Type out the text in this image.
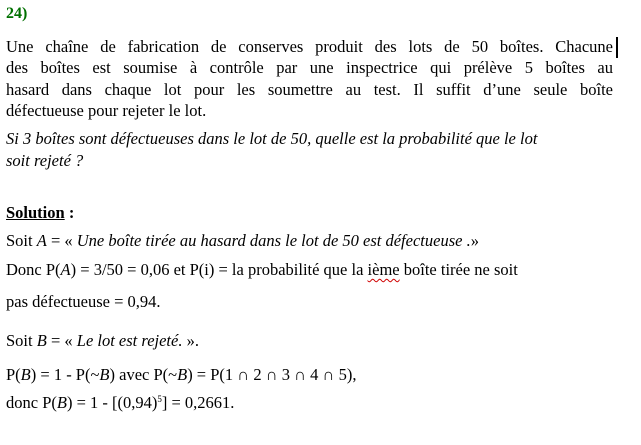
24)
Une chaîne de fabrication de conserves produit des lots de 50 boîtes. Chacune
des boîtes est soumise à contrôle par une inspectrice qui prélève 5 boîtes au
hasard dans chaque lot pour les soumettre au test. Il suffit d’une seule boîte
défectueuse pour rejeter le lot.
Si 3 boîtes sont défectueuses dans le lot de 50, quelle est la probabilité que le lot
soit rejeté ?
Solution :
Soit A = « Une boîte tirée au hasard dans le lot de 50 est défectueuse .»
Donc P(A) = 3/50 = 0,06 et P(i) = la probabilité que la ième boîte tirée ne soit
pas défectueuse = 0,94.
Soit B = « Le lot est rejeté. ».
P(B) = 1 - P(~B) avec P(~B) = P(1 ∩ 2 ∩ 3 ∩ 4 ∩ 5),
donc $P(B) = 1 - [(0,94)^5] = 0,2661$.
